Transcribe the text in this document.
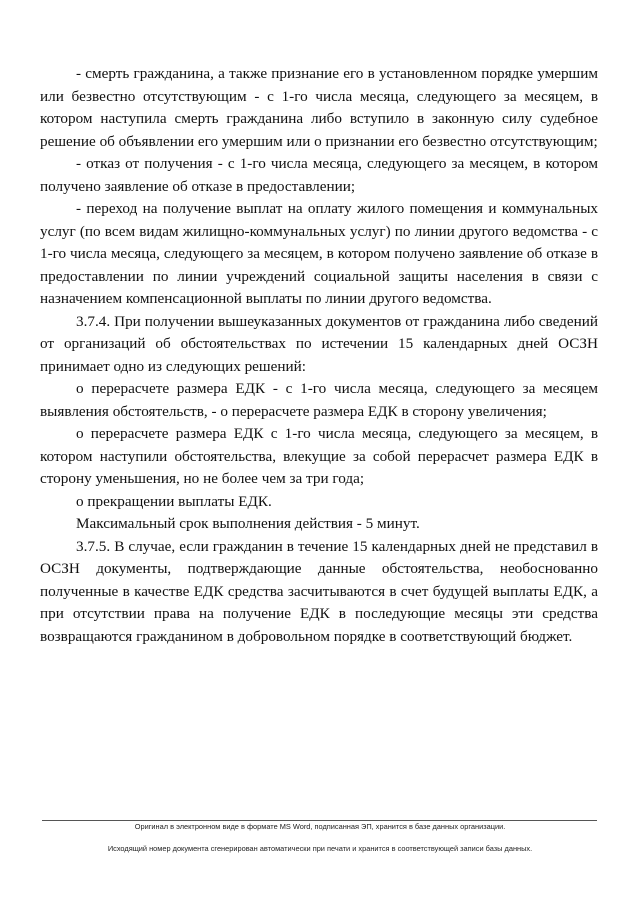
- смерть гражданина, а также признание его в установленном порядке умершим или безвестно отсутствующим - с 1-го числа месяца, следующего за месяцем, в котором наступила смерть гражданина либо вступило в законную силу судебное решение об объявлении его умершим или о признании его безвестно отсутствующим;

- отказ от получения - с 1-го числа месяца, следующего за месяцем, в котором получено заявление об отказе в предоставлении;

- переход на получение выплат на оплату жилого помещения и коммунальных услуг (по всем видам жилищно-коммунальных услуг) по линии другого ведомства - с 1-го числа месяца, следующего за месяцем, в котором получено заявление об отказе в предоставлении по линии учреждений социальной защиты населения в связи с назначением компенсационной выплаты по линии другого ведомства.

3.7.4. При получении вышеуказанных документов от гражданина либо сведений от организаций об обстоятельствах по истечении 15 календарных дней ОСЗН принимает одно из следующих решений:

о перерасчете размера ЕДК - с 1-го числа месяца, следующего за месяцем выявления обстоятельств, - о перерасчете размера ЕДК в сторону увеличения;

о перерасчете размера ЕДК с 1-го числа месяца, следующего за месяцем, в котором наступили обстоятельства, влекущие за собой перерасчет размера ЕДК в сторону уменьшения, но не более чем за три года;

о прекращении выплаты ЕДК.

Максимальный срок выполнения действия - 5 минут.

3.7.5. В случае, если гражданин в течение 15 календарных дней не представил в ОСЗН документы, подтверждающие данные обстоятельства, необоснованно полученные в качестве ЕДК средства засчитываются в счет будущей выплаты ЕДК, а при отсутствии права на получение ЕДК в последующие месяцы эти средства возвращаются гражданином в добровольном порядке в соответствующий бюджет.

Оригинал в электронном виде в формате MS Word, подписанная ЭП, хранится в базе данных организации.

Исходящий номер документа сгенерирован автоматически при печати и хранится в соответствующей записи базы данных.
